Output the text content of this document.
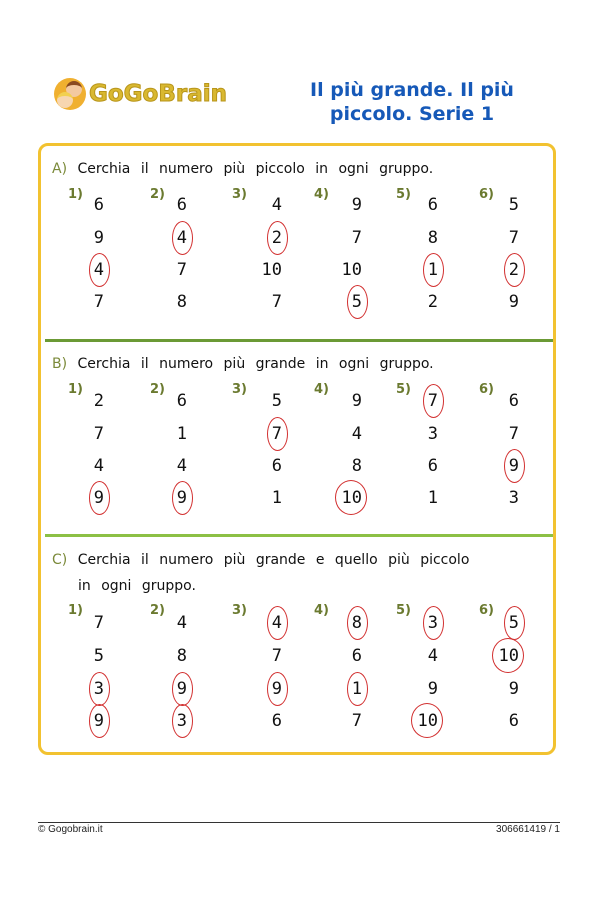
GoGoBrain	Il più grande. Il più
piccolo. Serie 1
A) Cerchia il numero più piccolo in ogni gruppo.
B) Cerchia il numero più grande in ogni gruppo.
C) Cerchia il numero più grande e quello più piccolo
in ogni gruppo.
1)
6
9
4
7
2)
6
4
7
8
3)
4
2
10
7
4)
9
7
10
5
5)
6
8
1
2
6)
5
7
2
9
1)
2
7
4
9
2)
6
1
4
9
3)
5
7
6
1
4)
9
4
8
10
5)
7
3
6
1
6)
6
7
9
3
1)
7
5
3
9
2)
4
8
9
3
3)
4
7
9
6
4)
8
6
1
7
5)
3
4
9
10
6)
5
10
9
6
© Gogobrain.it	306661419 / 1
